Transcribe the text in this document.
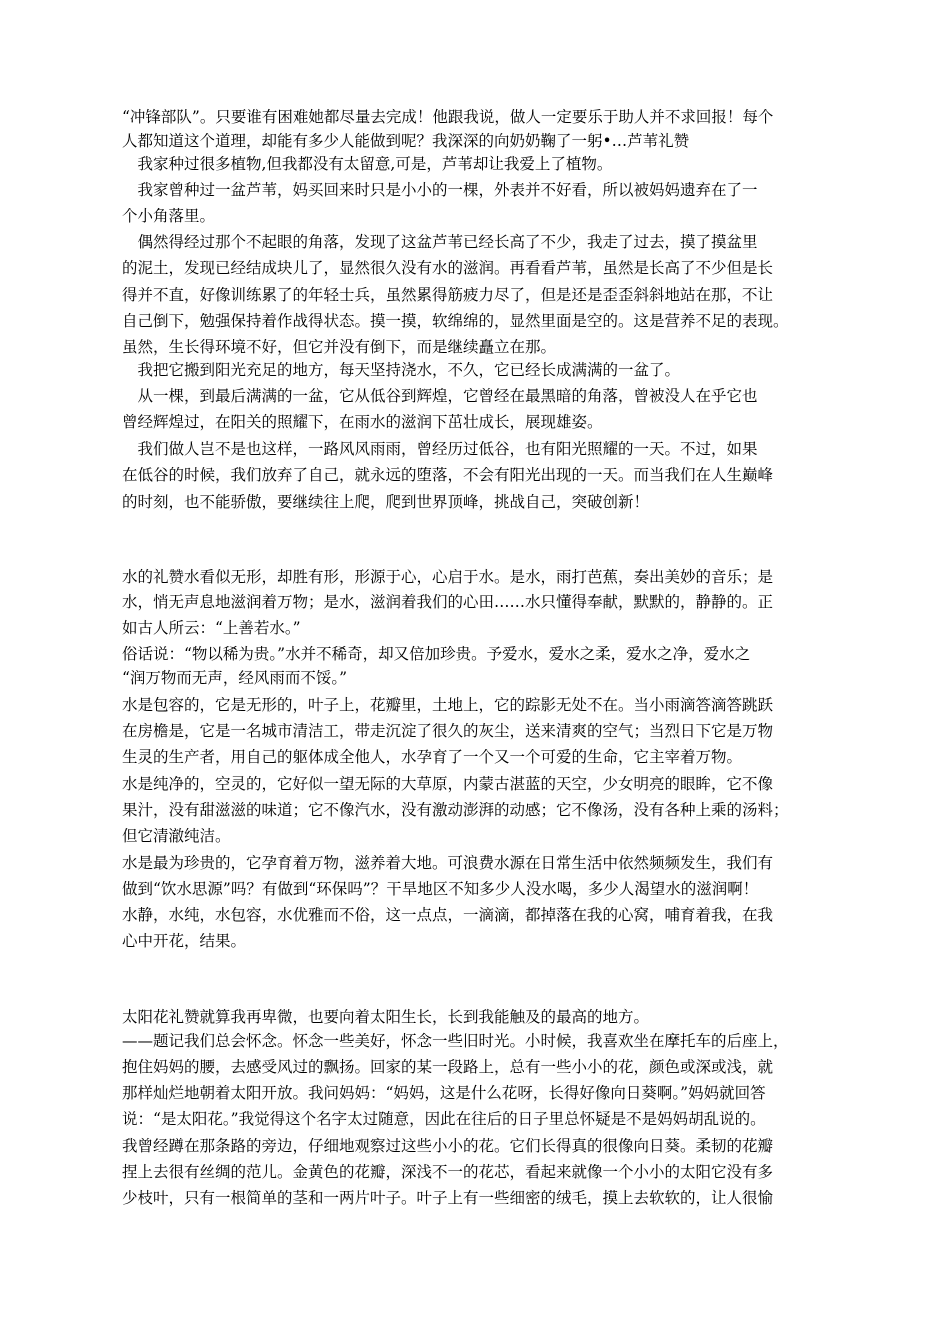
“冲锋部队”。只要谁有困难她都尽量去完成！他跟我说，做人一定要乐于助人并不求回报！每个
人都知道这个道理，却能有多少人能做到呢？我深深的向奶奶鞠了一躬•…芦苇礼赞
　我家种过很多植物,但我都没有太留意,可是，芦苇却让我爱上了植物。
　我家曾种过一盆芦苇，妈买回来时只是小小的一棵，外表并不好看，所以被妈妈遗弃在了一
个小角落里。
　偶然得经过那个不起眼的角落，发现了这盆芦苇已经长高了不少，我走了过去，摸了摸盆里
的泥土，发现已经结成块儿了，显然很久没有水的滋润。再看看芦苇，虽然是长高了不少但是长
得并不直，好像训练累了的年轻士兵，虽然累得筋疲力尽了，但是还是歪歪斜斜地站在那，不让
自己倒下，勉强保持着作战得状态。摸一摸，软绵绵的，显然里面是空的。这是营养不足的表现。
虽然，生长得环境不好，但它并没有倒下，而是继续矗立在那。
　我把它搬到阳光充足的地方，每天坚持浇水，不久，它已经长成满满的一盆了。
　从一棵，到最后满满的一盆，它从低谷到辉煌，它曾经在最黑暗的角落，曾被没人在乎它也
曾经辉煌过，在阳关的照耀下，在雨水的滋润下茁壮成长，展现雄姿。
　我们做人岂不是也这样，一路风风雨雨，曾经历过低谷，也有阳光照耀的一天。不过，如果
在低谷的时候，我们放弃了自己，就永远的堕落，不会有阳光出现的一天。而当我们在人生巅峰
的时刻，也不能骄傲，要继续往上爬，爬到世界顶峰，挑战自己，突破创新！
水的礼赞水看似无形，却胜有形，形源于心，心启于水。是水，雨打芭蕉，奏出美妙的音乐；是
水，悄无声息地滋润着万物；是水，滋润着我们的心田……水只懂得奉献，默默的，静静的。正
如古人所云：“上善若水。”
俗话说：“物以稀为贵。”水并不稀奇，却又倍加珍贵。予爱水，爱水之柔，爱水之净，爱水之
“润万物而无声，经风雨而不馁。”
水是包容的，它是无形的，叶子上，花瓣里，土地上，它的踪影无处不在。当小雨滴答滴答跳跃
在房檐是，它是一名城市清洁工，带走沉淀了很久的灰尘，送来清爽的空气；当烈日下它是万物
生灵的生产者，用自己的躯体成全他人，水孕育了一个又一个可爱的生命，它主宰着万物。
水是纯净的，空灵的，它好似一望无际的大草原，内蒙古湛蓝的天空，少女明亮的眼眸，它不像
果汁，没有甜滋滋的味道；它不像汽水，没有激动澎湃的动感；它不像汤，没有各种上乘的汤料；
但它清澈纯洁。
水是最为珍贵的，它孕育着万物，滋养着大地。可浪费水源在日常生活中依然频频发生，我们有
做到“饮水思源”吗？有做到“环保吗”？干旱地区不知多少人没水喝，多少人渴望水的滋润啊！
水静，水纯，水包容，水优雅而不俗，这一点点，一滴滴，都掉落在我的心窝，哺育着我，在我
心中开花，结果。
太阳花礼赞就算我再卑微，也要向着太阳生长，长到我能触及的最高的地方。
——题记我们总会怀念。怀念一些美好，怀念一些旧时光。小时候，我喜欢坐在摩托车的后座上，
抱住妈妈的腰，去感受风过的飘扬。回家的某一段路上，总有一些小小的花，颜色或深或浅，就
那样灿烂地朝着太阳开放。我问妈妈：“妈妈，这是什么花呀，长得好像向日葵啊。”妈妈就回答
说：“是太阳花。”我觉得这个名字太过随意，因此在往后的日子里总怀疑是不是妈妈胡乱说的。
我曾经蹲在那条路的旁边，仔细地观察过这些小小的花。它们长得真的很像向日葵。柔韧的花瓣
捏上去很有丝绸的范儿。金黄色的花瓣，深浅不一的花芯，看起来就像一个小小的太阳它没有多
少枝叶，只有一根简单的茎和一两片叶子。叶子上有一些细密的绒毛，摸上去软软的，让人很愉
